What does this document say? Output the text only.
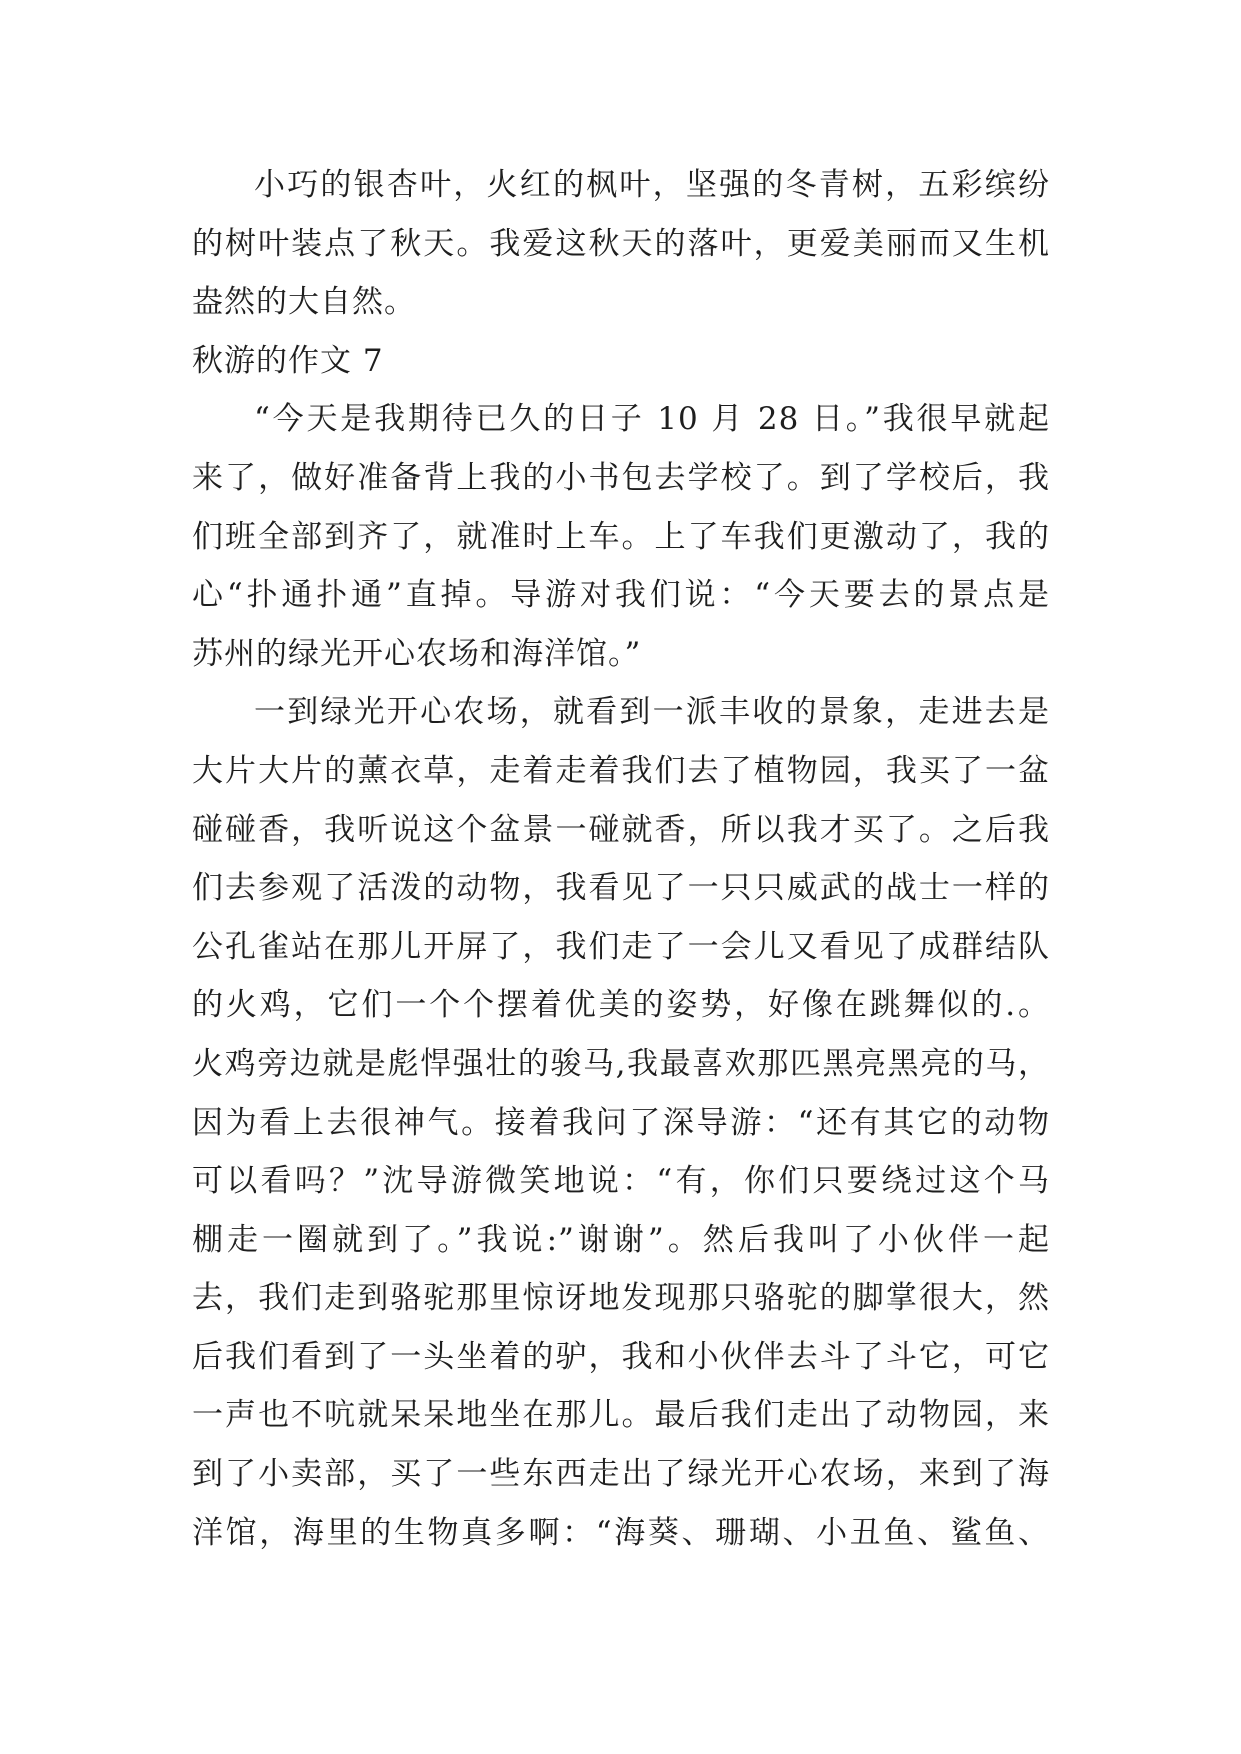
小巧的银杏叶，火红的枫叶，坚强的冬青树，五彩缤纷
的树叶装点了秋天。我爱这秋天的落叶，更爱美丽而又生机
盎然的大自然。
秋游的作文 7
“今天是我期待已久的日子 10 月 28 日。”我很早就起
来了，做好准备背上我的小书包去学校了。到了学校后，我
们班全部到齐了，就准时上车。上了车我们更激动了，我的
心“扑通扑通”直掉。导游对我们说：“今天要去的景点是
苏州的绿光开心农场和海洋馆。”
一到绿光开心农场，就看到一派丰收的景象，走进去是
大片大片的薰衣草，走着走着我们去了植物园，我买了一盆
碰碰香，我听说这个盆景一碰就香，所以我才买了。之后我
们去参观了活泼的动物，我看见了一只只威武的战士一样的
公孔雀站在那儿开屏了，我们走了一会儿又看见了成群结队
的火鸡，它们一个个摆着优美的姿势，好像在跳舞似的.。
火鸡旁边就是彪悍强壮的骏马,我最喜欢那匹黑亮黑亮的马，
因为看上去很神气。接着我问了深导游：“还有其它的动物
可以看吗？”沈导游微笑地说：“有，你们只要绕过这个马
棚走一圈就到了。”我说:”谢谢”。然后我叫了小伙伴一起
去，我们走到骆驼那里惊讶地发现那只骆驼的脚掌很大，然
后我们看到了一头坐着的驴，我和小伙伴去斗了斗它，可它
一声也不吭就呆呆地坐在那儿。最后我们走出了动物园，来
到了小卖部，买了一些东西走出了绿光开心农场，来到了海
洋馆，海里的生物真多啊：“海葵、珊瑚、小丑鱼、鲨鱼、
